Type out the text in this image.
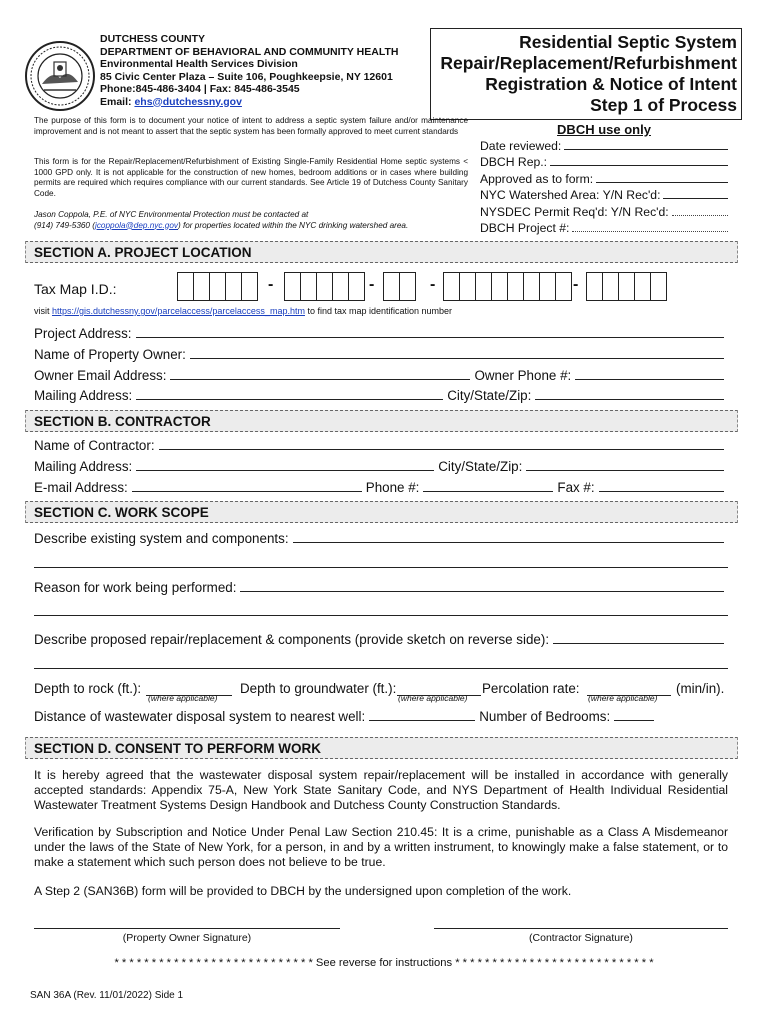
DUTCHESS COUNTY
DEPARTMENT OF BEHAVIORAL AND COMMUNITY HEALTH
Environmental Health Services Division
85 Civic Center Plaza – Suite 106, Poughkeepsie, NY 12601
Phone:845-486-3404 | Fax: 845-486-3545
Email: ehs@dutchessny.gov
Residential Septic System
Repair/Replacement/Refurbishment
Registration & Notice of Intent
Step 1 of Process
The purpose of this form is to document your notice of intent to address a septic system failure and/or maintenance improvement and is not meant to assert that the septic system has been formally approved to meet current standards
This form is for the Repair/Replacement/Refurbishment of Existing Single-Family Residential Home septic systems < 1000 GPD only. It is not applicable for the construction of new homes, bedroom additions or in cases where building permits are required which requires compliance with our current standards. See Article 19 of Dutchess County Sanitary Code.
Jason Coppola, P.E. of NYC Environmental Protection must be contacted at
(914) 749-5360 (jcoppola@dep.nyc.gov) for properties located within the NYC drinking watershed area.
DBCH use only
Date reviewed:
DBCH Rep.:
Approved as to form:
NYC Watershed Area: Y/N Rec'd:
NYSDEC Permit Req'd: Y/N Rec'd:
DBCH Project #:
SECTION A. PROJECT LOCATION
Tax Map I.D.:	-	-	-	-
visit https://gis.dutchessny.gov/parcelaccess/parcelaccess_map.htm to find tax map identification number
Project Address:
Name of Property Owner:
Owner Email Address:	Owner Phone #:
Mailing Address:	City/State/Zip:
SECTION B. CONTRACTOR
Name of Contractor:
Mailing Address:	City/State/Zip:
E-mail Address:	Phone #:	Fax #:
SECTION C. WORK SCOPE
Describe existing system and components:
Reason for work being performed:
Describe proposed repair/replacement & components (provide sketch on reverse side):
Depth to rock (ft.):
(where applicable)
Depth to groundwater (ft.):
(where applicable)
Percolation rate:
(where applicable)
(min/in).
Distance of wastewater disposal system to nearest well:	Number of Bedrooms:
SECTION D. CONSENT TO PERFORM WORK
It is hereby agreed that the wastewater disposal system repair/replacement will be installed in accordance with generally accepted standards: Appendix 75-A, New York State Sanitary Code, and NYS Department of Health Individual Residential Wastewater Treatment Systems Design Handbook and Dutchess County Construction Standards.
Verification by Subscription and Notice Under Penal Law Section 210.45: It is a crime, punishable as a Class A Misdemeanor under the laws of the State of New York, for a person, in and by a written instrument, to knowingly make a false statement, or to make a statement which such person does not believe to be true.
A Step 2 (SAN36B) form will be provided to DBCH by the undersigned upon completion of the work.
(Property Owner Signature)	(Contractor Signature)
* * * * * * * * * * * * * * * * * * * * * * * * * * * See reverse for instructions * * * * * * * * * * * * * * * * * * * * * * * * * * *
SAN 36A (Rev. 11/01/2022) Side 1
